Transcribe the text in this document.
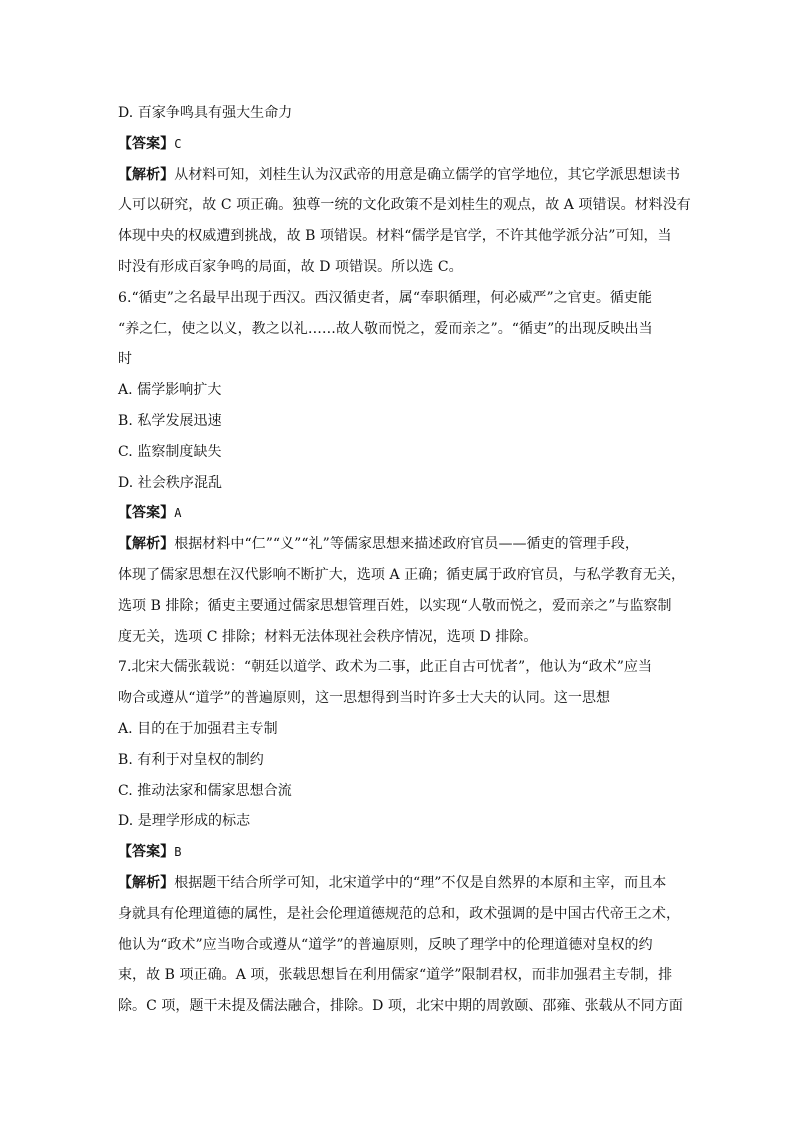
D. 百家争鸣具有强大生命力
【答案】C
【解析】从材料可知，刘桂生认为汉武帝的用意是确立儒学的官学地位，其它学派思想读书
人可以研究，故 C 项正确。独尊一统的文化政策不是刘桂生的观点，故 A 项错误。材料没有
体现中央的权威遭到挑战，故 B 项错误。材料“儒学是官学，不许其他学派分沾”可知，当
时没有形成百家争鸣的局面，故 D 项错误。所以选 C。
6.“循吏”之名最早出现于西汉。西汉循吏者，属“奉职循理，何必威严”之官吏。循吏能
“养之仁，使之以义，教之以礼……故人敬而悦之，爱而亲之”。“循吏”的出现反映出当
时
A. 儒学影响扩大
B. 私学发展迅速
C. 监察制度缺失
D. 社会秩序混乱
【答案】A
【解析】根据材料中“仁”“义”“礼”等儒家思想来描述政府官员——循吏的管理手段，
体现了儒家思想在汉代影响不断扩大，选项 A 正确；循吏属于政府官员，与私学教育无关，
选项 B 排除；循吏主要通过儒家思想管理百姓，以实现“人敬而悦之，爱而亲之”与监察制
度无关，选项 C 排除；材料无法体现社会秩序情况，选项 D 排除。
7.北宋大儒张载说：“朝廷以道学、政术为二事，此正自古可忧者”，他认为“政术”应当
吻合或遵从“道学”的普遍原则，这一思想得到当时许多士大夫的认同。这一思想
A. 目的在于加强君主专制
B. 有利于对皇权的制约
C. 推动法家和儒家思想合流
D. 是理学形成的标志
【答案】B
【解析】根据题干结合所学可知，北宋道学中的“理”不仅是自然界的本原和主宰，而且本
身就具有伦理道德的属性，是社会伦理道德规范的总和，政术强调的是中国古代帝王之术，
他认为“政术”应当吻合或遵从“道学”的普遍原则，反映了理学中的伦理道德对皇权的约
束，故 B 项正确。A 项，张载思想旨在利用儒家“道学”限制君权，而非加强君主专制，排
除。C 项，题干未提及儒法融合，排除。D 项，北宋中期的周敦颐、邵雍、张载从不同方面
